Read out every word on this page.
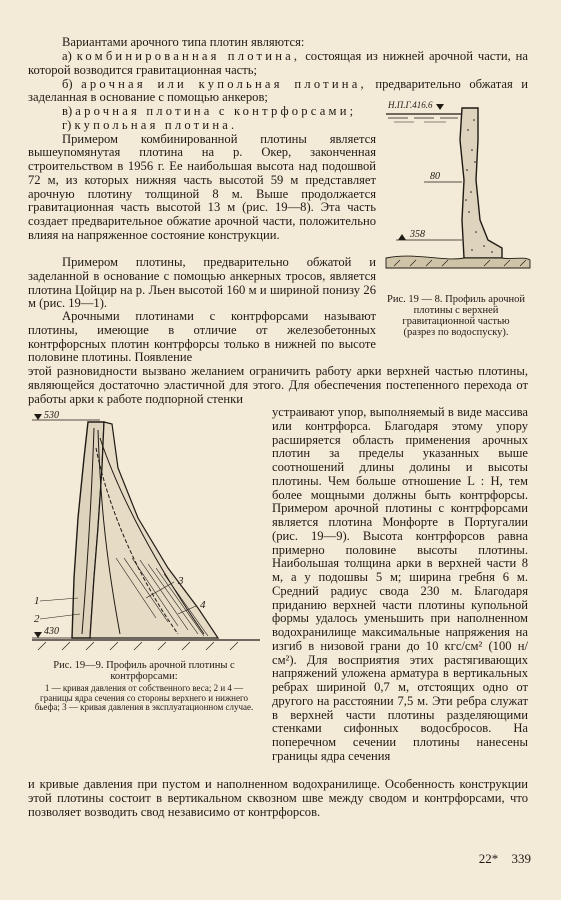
Вариантами арочного типа плотин являются:

а) комбинированная плотина, состоящая из нижней арочной части, на которой возводится гравитационная часть;

б) арочная или купольная плотина, предварительно обжатая и заделанная в основание с помощью анкеров;

в) арочная плотина с контрфорсами;

г) купольная плотина.

Примером комбинированной плотины является вышеупомянутая плотина на р. Окер, законченная строительством в 1956 г. Ее наибольшая высота над подошвой 72 м, из которых нижняя часть высотой 59 м представляет арочную плотину толщиной 8 м. Выше продолжается гравитационная часть высотой 13 м (рис. 19—8). Эта часть создает предварительное обжатие арочной части, положительно влияя на напряженное состояние конструкции.

Примером плотины, предварительно обжатой и заделанной в основание с помощью анкерных тросов, является плотина Цойцир на р. Льен высотой 160 м и шириной понизу 26 м (рис. 19—1).

Арочными плотинами с контрфорсами называют плотины, имеющие в отличие от железобетонных контрфорсных плотин контрфорсы только в нижней по высоте половине плотины. Появление

этой разновидности вызвано желанием ограничить работу арки верхней частью плотины, являющейся достаточно эластичной для этого. Для обеспечения постепенного перехода от работы арки к работе подпорной стенки

устраивают упор, выполняемый в виде массива или контрфорса. Благодаря этому упору расширяется область применения арочных плотин за пределы указанных выше соотношений длины долины и высоты плотины. Чем больше отношение L : H, тем более мощными должны быть контрфорсы. Примером арочной плотины с контрфорсами является плотина Монфорте в Португалии (рис. 19—9). Высота контрфорсов равна примерно половине высоты плотины. Наибольшая толщина арки в верхней части 8 м, а у подошвы 5 м; ширина гребня 6 м. Средний радиус свода 230 м. Благодаря приданию верхней части плотины купольной формы удалось уменьшить при наполненном водохранилище максимальные напряжения на изгиб в низовой грани до 10 кгс/см² (100 н/см²). Для восприятия этих растягивающих напряжений уложена арматура в вертикальных ребрах шириной 0,7 м, отстоящих одно от другого на расстоянии 7,5 м. Эти ребра служат в верхней части плотины разделяющими стенками сифонных водосбросов. На поперечном сечении плотины нанесены границы ядра сечения

и кривые давления при пустом и наполненном водохранилище. Особенность конструкции этой плотины состоит в вертикальном сквозном шве между сводом и контрфорсами, что позволяет возводить свод независимо от контрфорсов.

80
358
Н.П.Г.416.6

Рис. 19 — 8. Профиль арочной плотины с верхней гравитационной частью (разрез по водоспуску).

530
1
2
3
4
430

Рис. 19—9. Профиль арочной плотины с контрфорсами:

1 — кривая давления от собственного веса; 2 и 4 — границы ядра сечения со стороны верхнего и нижнего бьефа; 3 — кривая давления в эксплуатационном случае.

22* 339
